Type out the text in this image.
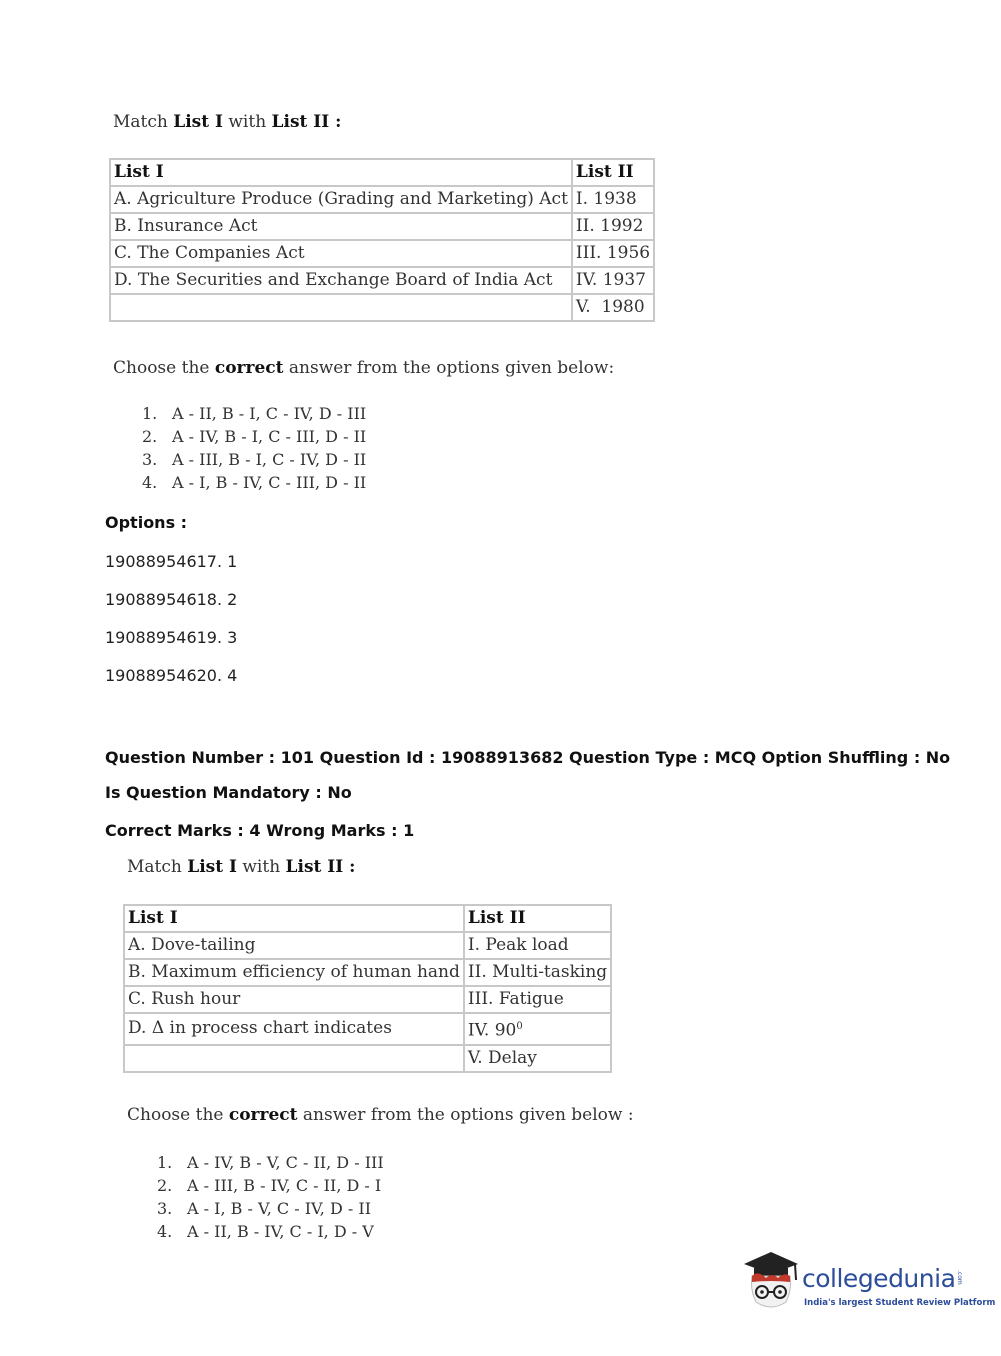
Match List I with List II :
List I	List II
A. Agriculture Produce (Grading and Marketing) Act	I. 1938
B. Insurance Act	II. 1992
C. The Companies Act	III. 1956
D. The Securities and Exchange Board of India Act	IV. 1937
	V.  1980
Choose the correct answer from the options given below:
1. A - II, B - I, C - IV, D - III
2. A - IV, B - I, C - III, D - II
3. A - III, B - I, C - IV, D - II
4. A - I, B - IV, C - III, D - II
Options :
19088954617. 1
19088954618. 2
19088954619. 3
19088954620. 4
Question Number : 101 Question Id : 19088913682 Question Type : MCQ Option Shuffling : No
Is Question Mandatory : No
Correct Marks : 4 Wrong Marks : 1
Match List I with List II :
List I	List II
A. Dove-tailing	I. Peak load
B. Maximum efficiency of human hand	II. Multi-tasking
C. Rush hour	III. Fatigue
D. Δ in process chart indicates	IV. $90^0$
	V. Delay
Choose the correct answer from the options given below :
1. A - IV, B - V, C - II, D - III
2. A - III, B - IV, C - II, D - I
3. A - I, B - V, C - IV, D - II
4. A - II, B - IV, C - I, D - V
collegedunia .com
India's largest Student Review Platform
